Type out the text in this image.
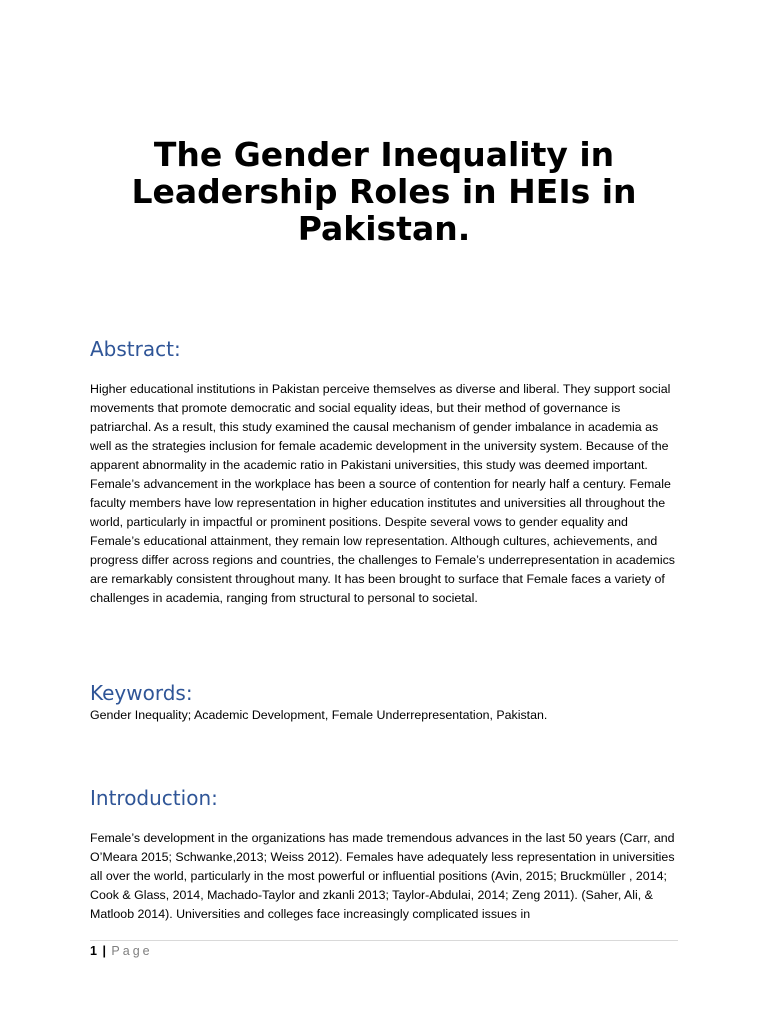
The Gender Inequality in Leadership Roles in HEIs in Pakistan.
Abstract:

Higher educational institutions in Pakistan perceive themselves as diverse and liberal. They support social movements that promote democratic and social equality ideas, but their method of governance is patriarchal. As a result, this study examined the causal mechanism of gender imbalance in academia as well as the strategies inclusion for female academic development in the university system. Because of the apparent abnormality in the academic ratio in Pakistani universities, this study was deemed important.

Female’s advancement in the workplace has been a source of contention for nearly half a century. Female faculty members have low representation in higher education institutes and universities all throughout the world, particularly in impactful or prominent positions. Despite several vows to gender equality and Female’s educational attainment, they remain low representation. Although cultures, achievements, and progress differ across regions and countries, the challenges to Female’s underrepresentation in academics are remarkably consistent throughout many. It has been brought to surface that Female faces a variety of challenges in academia, ranging from structural to personal to societal.

Keywords:

Gender Inequality; Academic Development, Female Underrepresentation, Pakistan.

Introduction:

Female’s development in the organizations has made tremendous advances in the last 50 years (Carr, and O’Meara 2015; Schwanke,2013; Weiss 2012). Females have adequately less representation in universities all over the world, particularly in the most powerful or influential positions (Avin, 2015; Bruckmüller , 2014; Cook & Glass, 2014, Machado-Taylor and zkanli 2013; Taylor-Abdulai, 2014; Zeng 2011). (Saher, Ali, & Matloob 2014). Universities and colleges face increasingly complicated issues in

1 | Page
